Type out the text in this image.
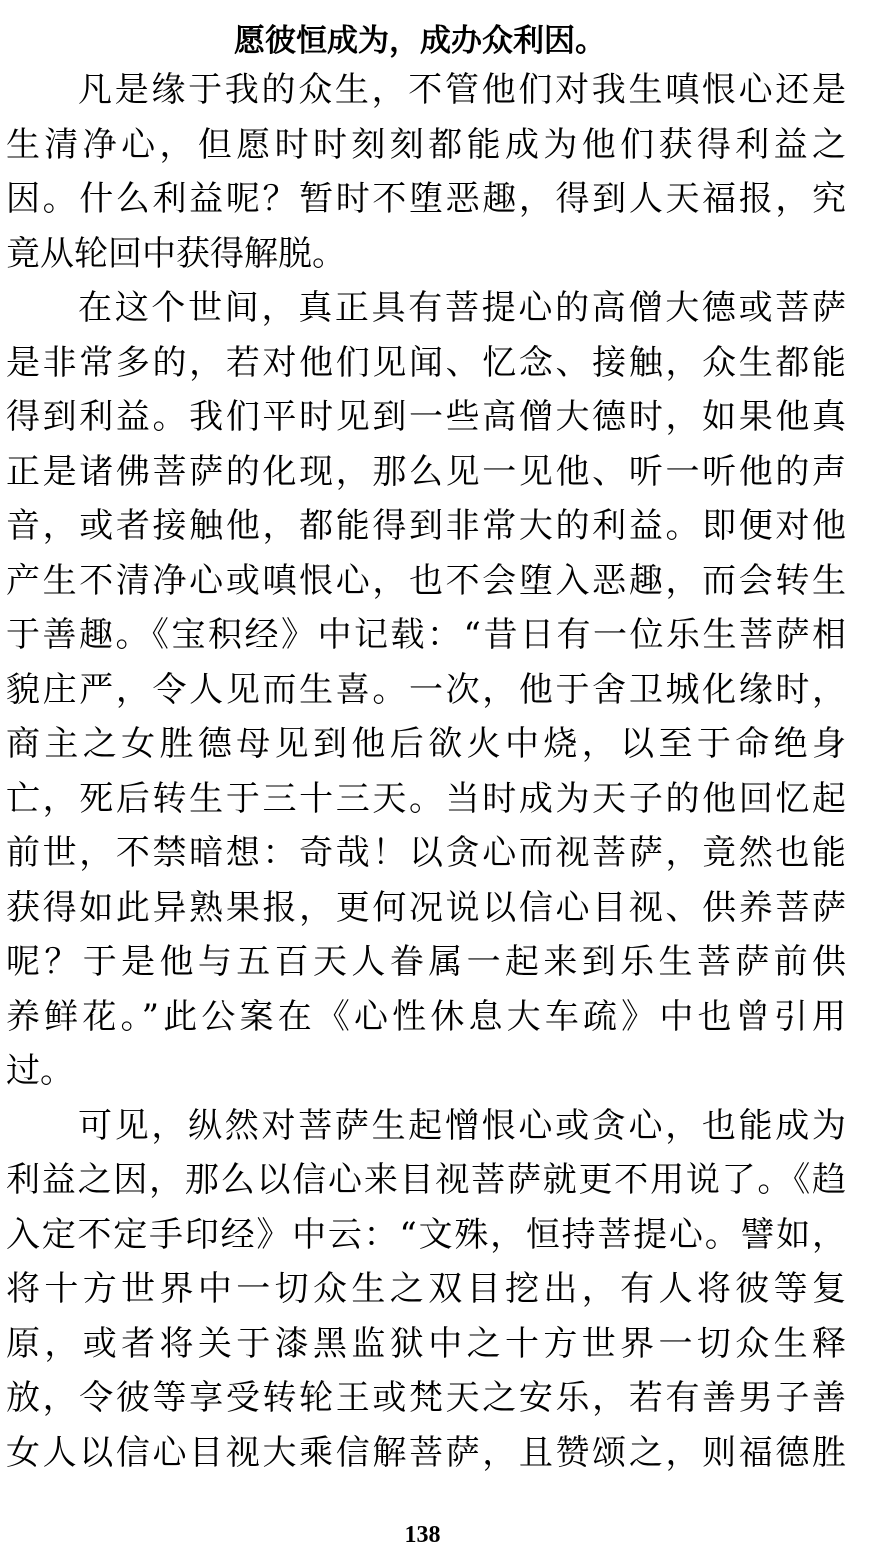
愿彼恒成为，成办众利因。
凡是缘于我的众生，不管他们对我生嗔恨心还是
生清净心，但愿时时刻刻都能成为他们获得利益之
因。什么利益呢？暂时不堕恶趣，得到人天福报，究
竟从轮回中获得解脱。
在这个世间，真正具有菩提心的高僧大德或菩萨
是非常多的，若对他们见闻、忆念、接触，众生都能
得到利益。我们平时见到一些高僧大德时，如果他真
正是诸佛菩萨的化现，那么见一见他、听一听他的声
音，或者接触他，都能得到非常大的利益。即便对他
产生不清净心或嗔恨心，也不会堕入恶趣，而会转生
于善趣。《宝积经》中记载：“昔日有一位乐生菩萨相
貌庄严，令人见而生喜。一次，他于舍卫城化缘时，
商主之女胜德母见到他后欲火中烧，以至于命绝身
亡，死后转生于三十三天。当时成为天子的他回忆起
前世，不禁暗想：奇哉！以贪心而视菩萨，竟然也能
获得如此异熟果报，更何况说以信心目视、供养菩萨
呢？于是他与五百天人眷属一起来到乐生菩萨前供
养鲜花。”此公案在《心性休息大车疏》中也曾引用
过。
可见，纵然对菩萨生起憎恨心或贪心，也能成为
利益之因，那么以信心来目视菩萨就更不用说了。《趋
入定不定手印经》中云：“文殊，恒持菩提心。譬如，
将十方世界中一切众生之双目挖出，有人将彼等复
原，或者将关于漆黑监狱中之十方世界一切众生释
放，令彼等享受转轮王或梵天之安乐，若有善男子善
女人以信心目视大乘信解菩萨，且赞颂之，则福德胜
138
